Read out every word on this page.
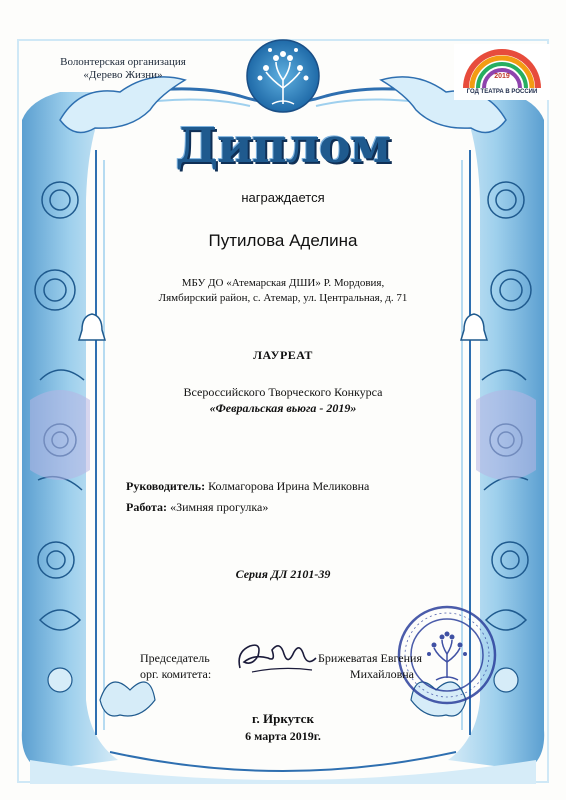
2019
ГОД ТЕАТРА В РОССИИ
Волонтерская организация
«Дерево Жизни»
Диплом
награждается
Путилова Аделина
МБУ ДО «Атемарская ДШИ» Р. Мордовия,
Лямбирский район, с. Атемар, ул. Центральная, д. 71
ЛАУРЕАТ
Всероссийского Творческого Конкурса
«Февральская вьюга - 2019»
Руководитель: Колмагорова Ирина Меликовна
Работа: «Зимняя прогулка»
Серия ДЛ 2101-39
Председатель
орг. комитета:
Брижеватая Евгения
Михайловна
г. Иркутск
6 марта 2019г.
